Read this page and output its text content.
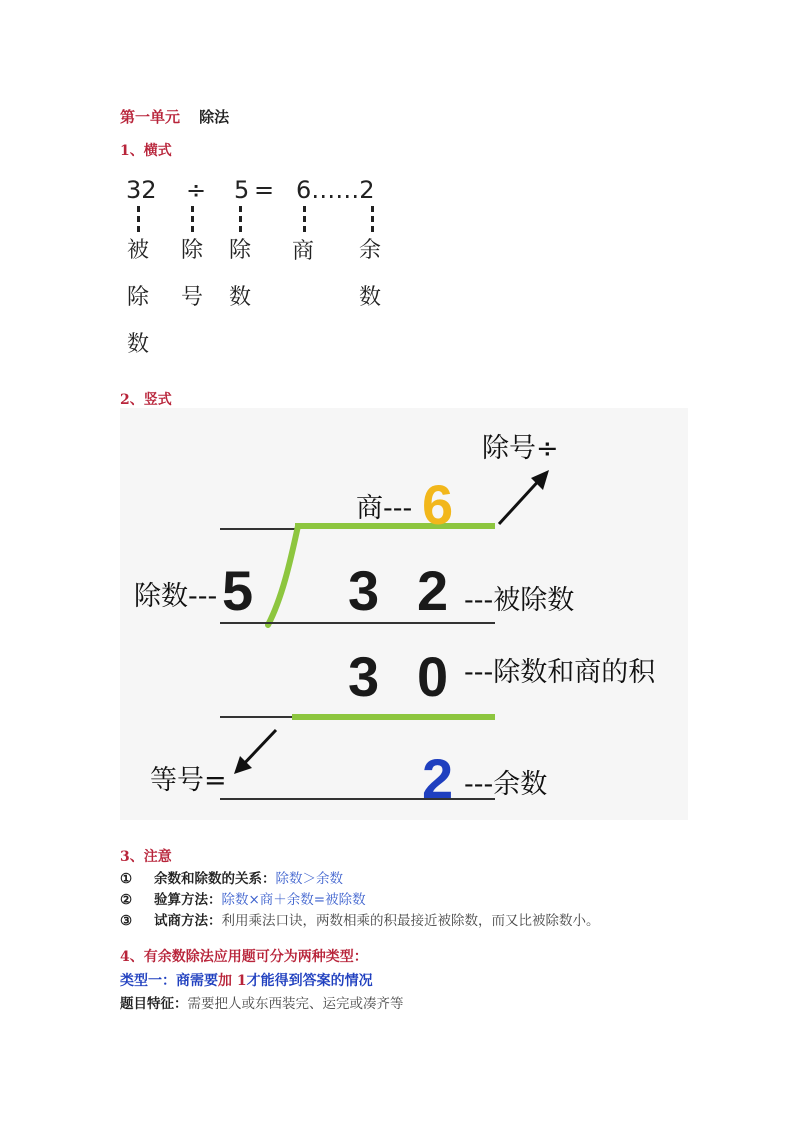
第一单元 除法
1、横式
32 ÷ 5 = 6……2
被
除
数
除
号
除
数
商 余
数
2、竖式
6
5 3 2
3 0
2
除号÷
商---
除数---	---被除数
---除数和商的积
等号=	---余数
3、注意
① 余数和除数的关系：除数＞余数
② 验算方法：除数×商＋余数=被除数
③ 试商方法：利用乘法口诀，两数相乘的积最接近被除数，而又比被除数小。
4、有余数除法应用题可分为两种类型：
类型一：商需要加 1才能得到答案的情况
题目特征：需要把人或东西装完、运完或凑齐等
